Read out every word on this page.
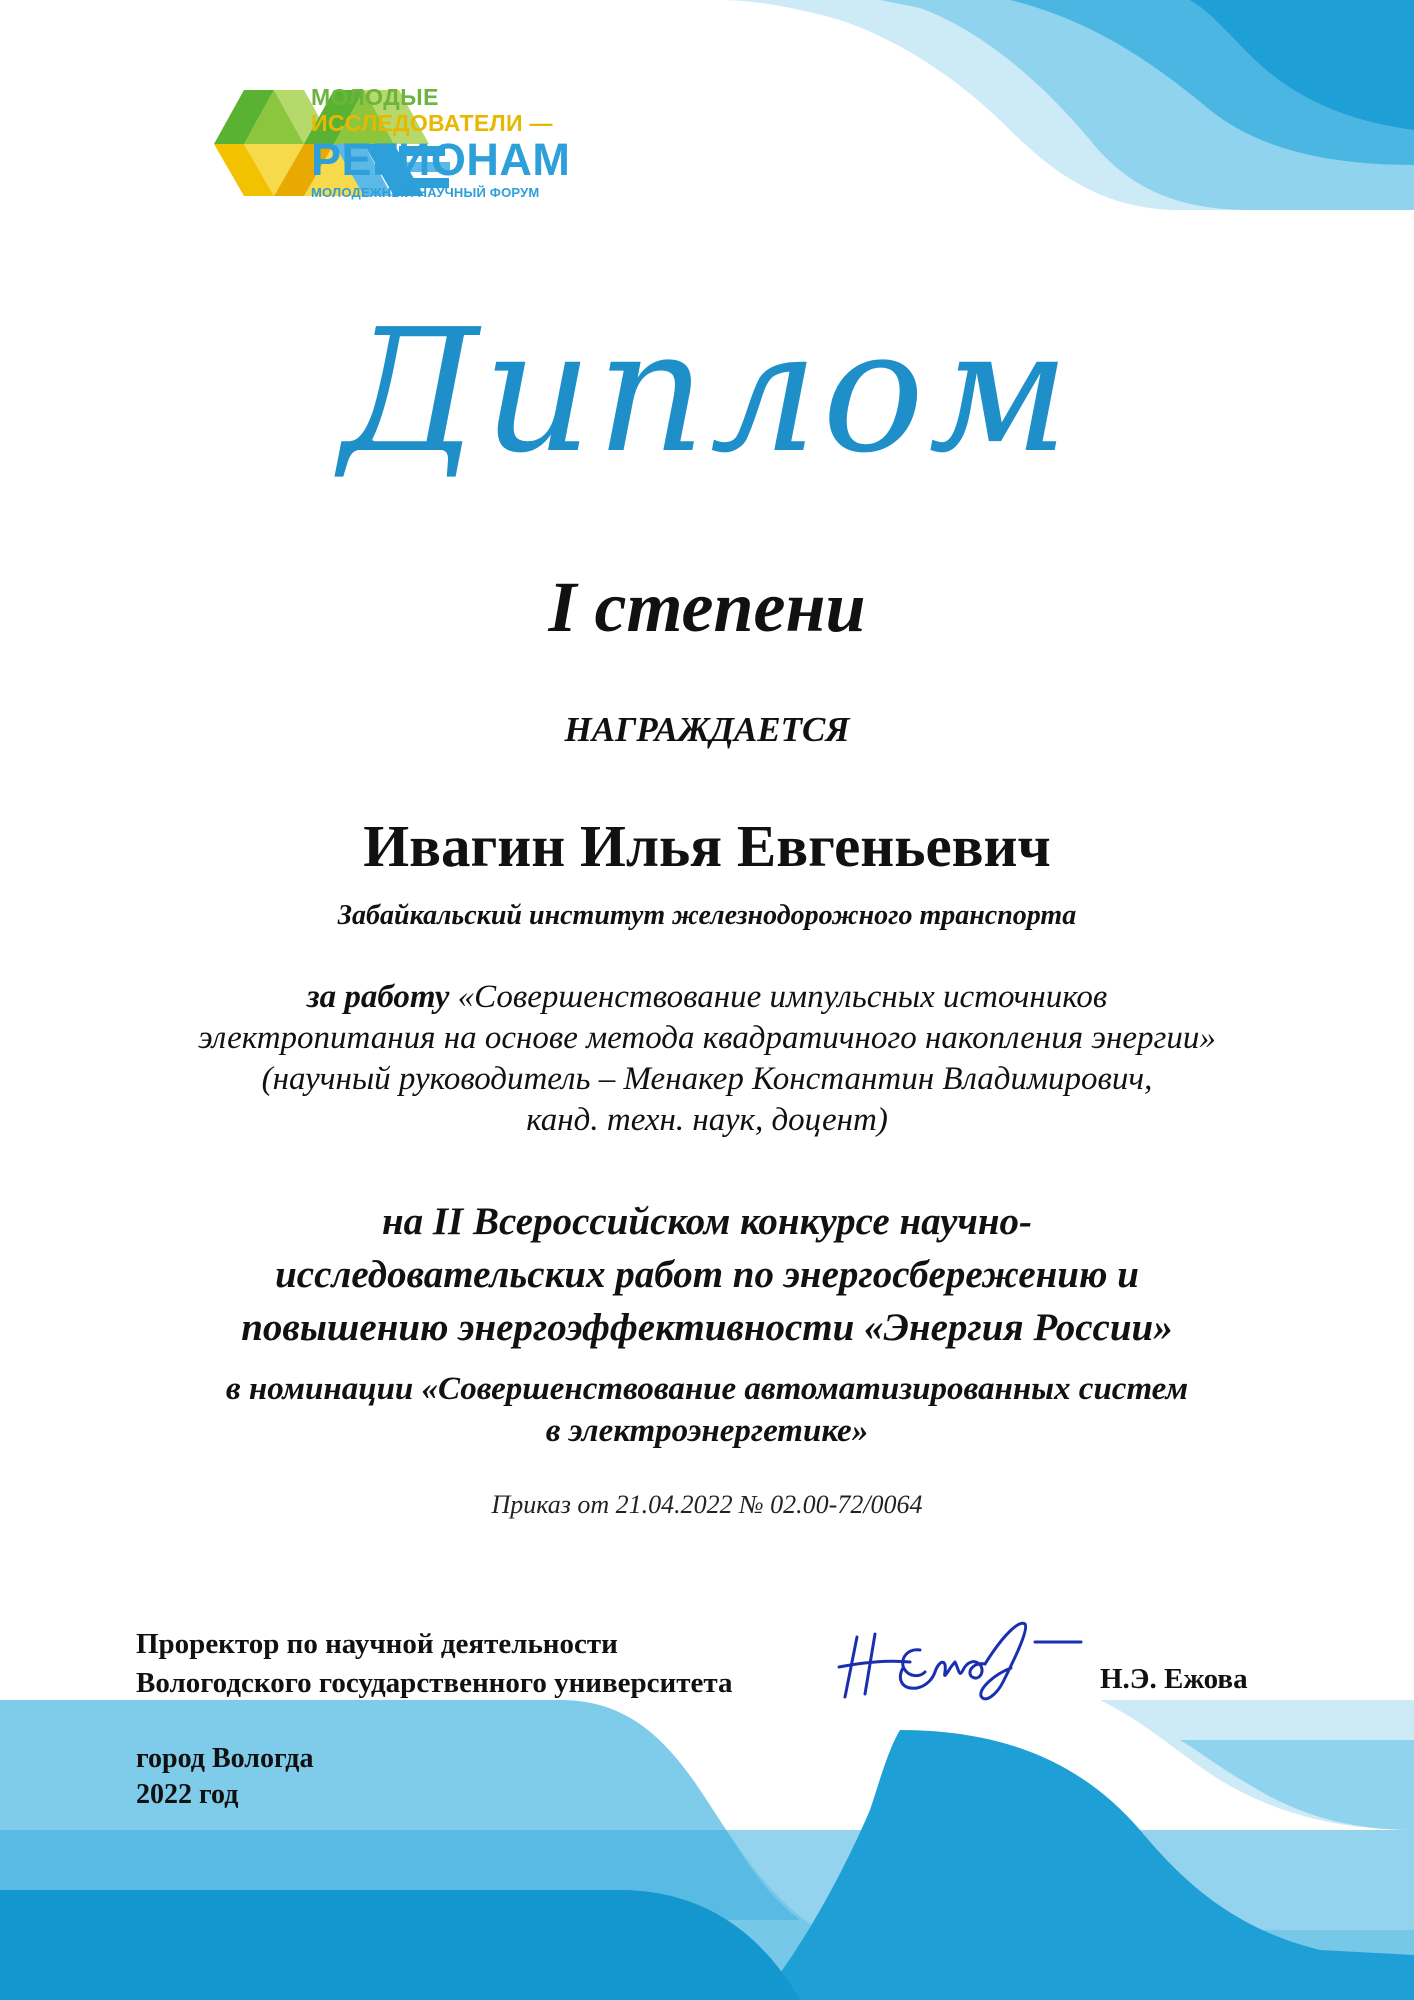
МОЛОДЫЕ
ИССЛЕДОВАТЕЛИ —
РЕГИОНАМ
МОЛОДЕЖНЫЙ НАУЧНЫЙ ФОРУМ
Диплом
I степени
НАГРАЖДАЕТСЯ
Ивагин Илья Евгеньевич
Забайкальский институт железнодорожного транспорта
за работу «Совершенствование импульсных источников
электропитания на основе метода квадратичного накопления энергии»
(научный руководитель – Менакер Константин Владимирович,
канд. техн. наук, доцент)
на II Всероссийском конкурсе научно-
исследовательских работ по энергосбережению и
повышению энергоэффективности «Энергия России»
в номинации «Совершенствование автоматизированных систем
в электроэнергетике»
Приказ от 21.04.2022 № 02.00-72/0064
Проректор по научной деятельности
Вологодского государственного университета	Н.Э. Ежова
город Вологда
2022 год
